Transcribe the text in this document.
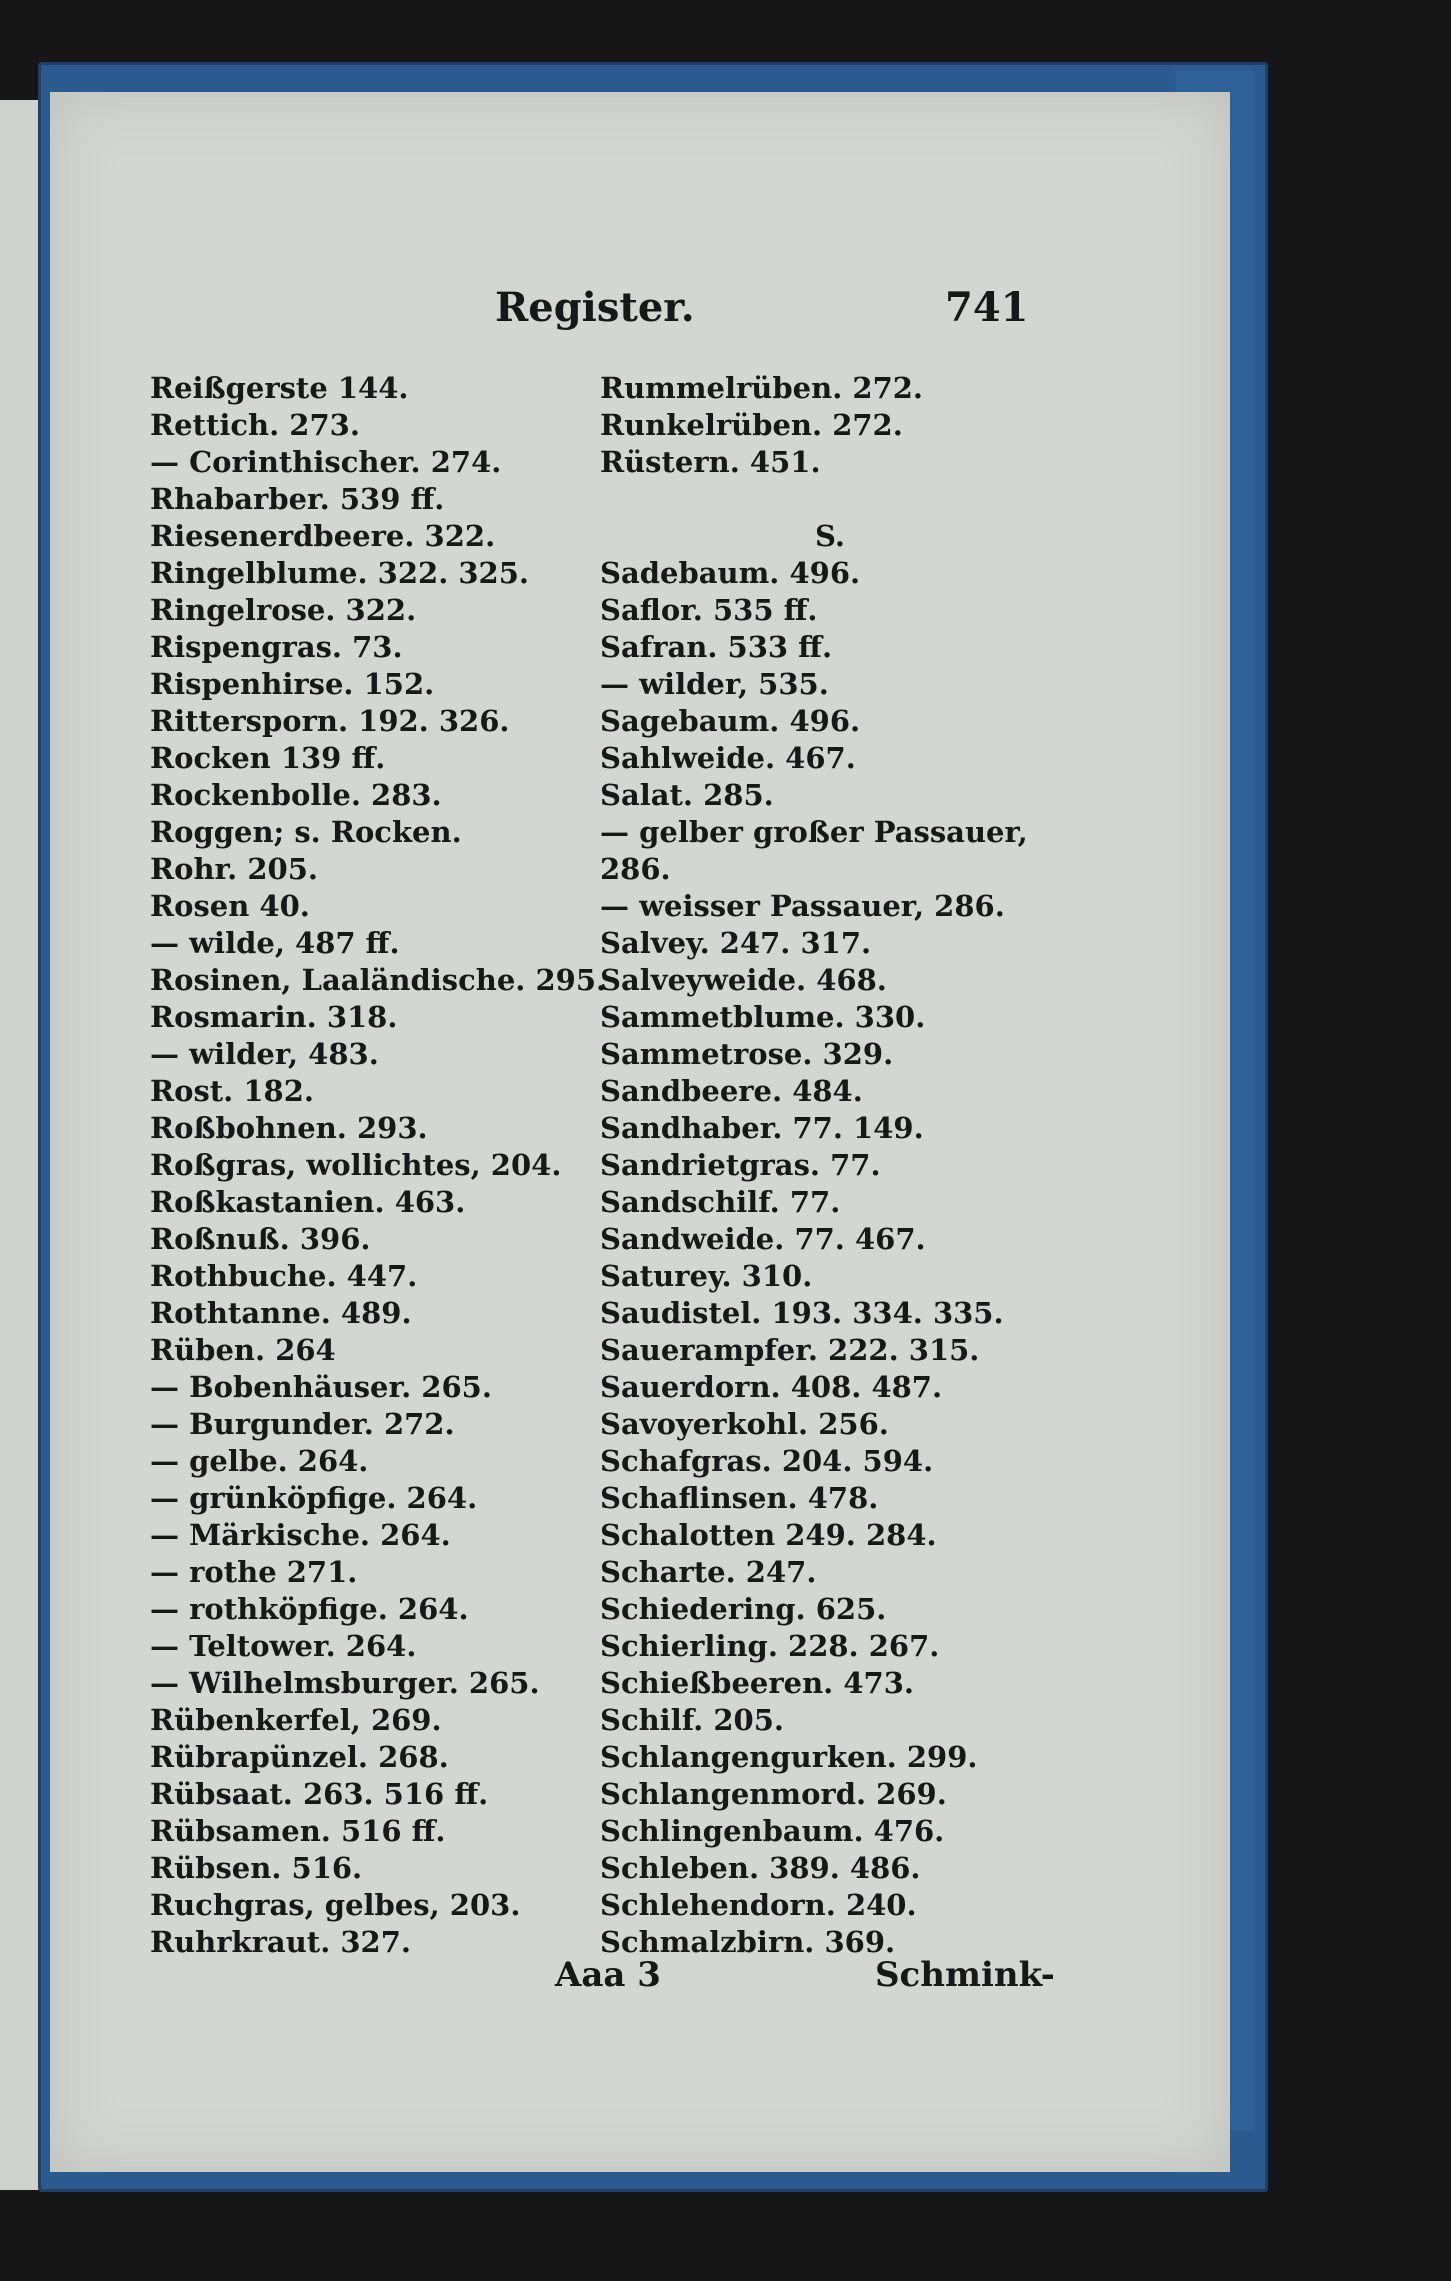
Register.	741
Reißgerste 144.
Rettich. 273.
— Corinthischer. 274.
Rhabarber. 539 ff.
Riesenerdbeere. 322.
Ringelblume. 322. 325.
Ringelrose. 322.
Rispengras. 73.
Rispenhirse. 152.
Rittersporn. 192. 326.
Rocken 139 ff.
Rockenbolle. 283.
Roggen; s. Rocken.
Rohr. 205.
Rosen 40.
— wilde, 487 ff.
Rosinen, Laaländische. 295.
Rosmarin. 318.
— wilder, 483.
Rost. 182.
Roßbohnen. 293.
Roßgras, wollichtes, 204.
Roßkastanien. 463.
Roßnuß. 396.
Rothbuche. 447.
Rothtanne. 489.
Rüben. 264
— Bobenhäuser. 265.
— Burgunder. 272.
— gelbe. 264.
— grünköpfige. 264.
— Märkische. 264.
— rothe 271.
— rothköpfige. 264.
— Teltower. 264.
— Wilhelmsburger. 265.
Rübenkerfel, 269.
Rübrapünzel. 268.
Rübsaat. 263. 516 ff.
Rübsamen. 516 ff.
Rübsen. 516.
Ruchgras, gelbes, 203.
Ruhrkraut. 327.
Rummelrüben. 272.
Runkelrüben. 272.
Rüstern. 451.
S.
Sadebaum. 496.
Saflor. 535 ff.
Safran. 533 ff.
— wilder, 535.
Sagebaum. 496.
Sahlweide. 467.
Salat. 285.
— gelber großer Passauer,
286.
— weisser Passauer, 286.
Salvey. 247. 317.
Salveyweide. 468.
Sammetblume. 330.
Sammetrose. 329.
Sandbeere. 484.
Sandhaber. 77. 149.
Sandrietgras. 77.
Sandschilf. 77.
Sandweide. 77. 467.
Saturey. 310.
Saudistel. 193. 334. 335.
Sauerampfer. 222. 315.
Sauerdorn. 408. 487.
Savoyerkohl. 256.
Schafgras. 204. 594.
Schaflinsen. 478.
Schalotten 249. 284.
Scharte. 247.
Schiedering. 625.
Schierling. 228. 267.
Schießbeeren. 473.
Schilf. 205.
Schlangengurken. 299.
Schlangenmord. 269.
Schlingenbaum. 476.
Schleben. 389. 486.
Schlehendorn. 240.
Schmalzbirn. 369.
Aaa 3	Schmink-
